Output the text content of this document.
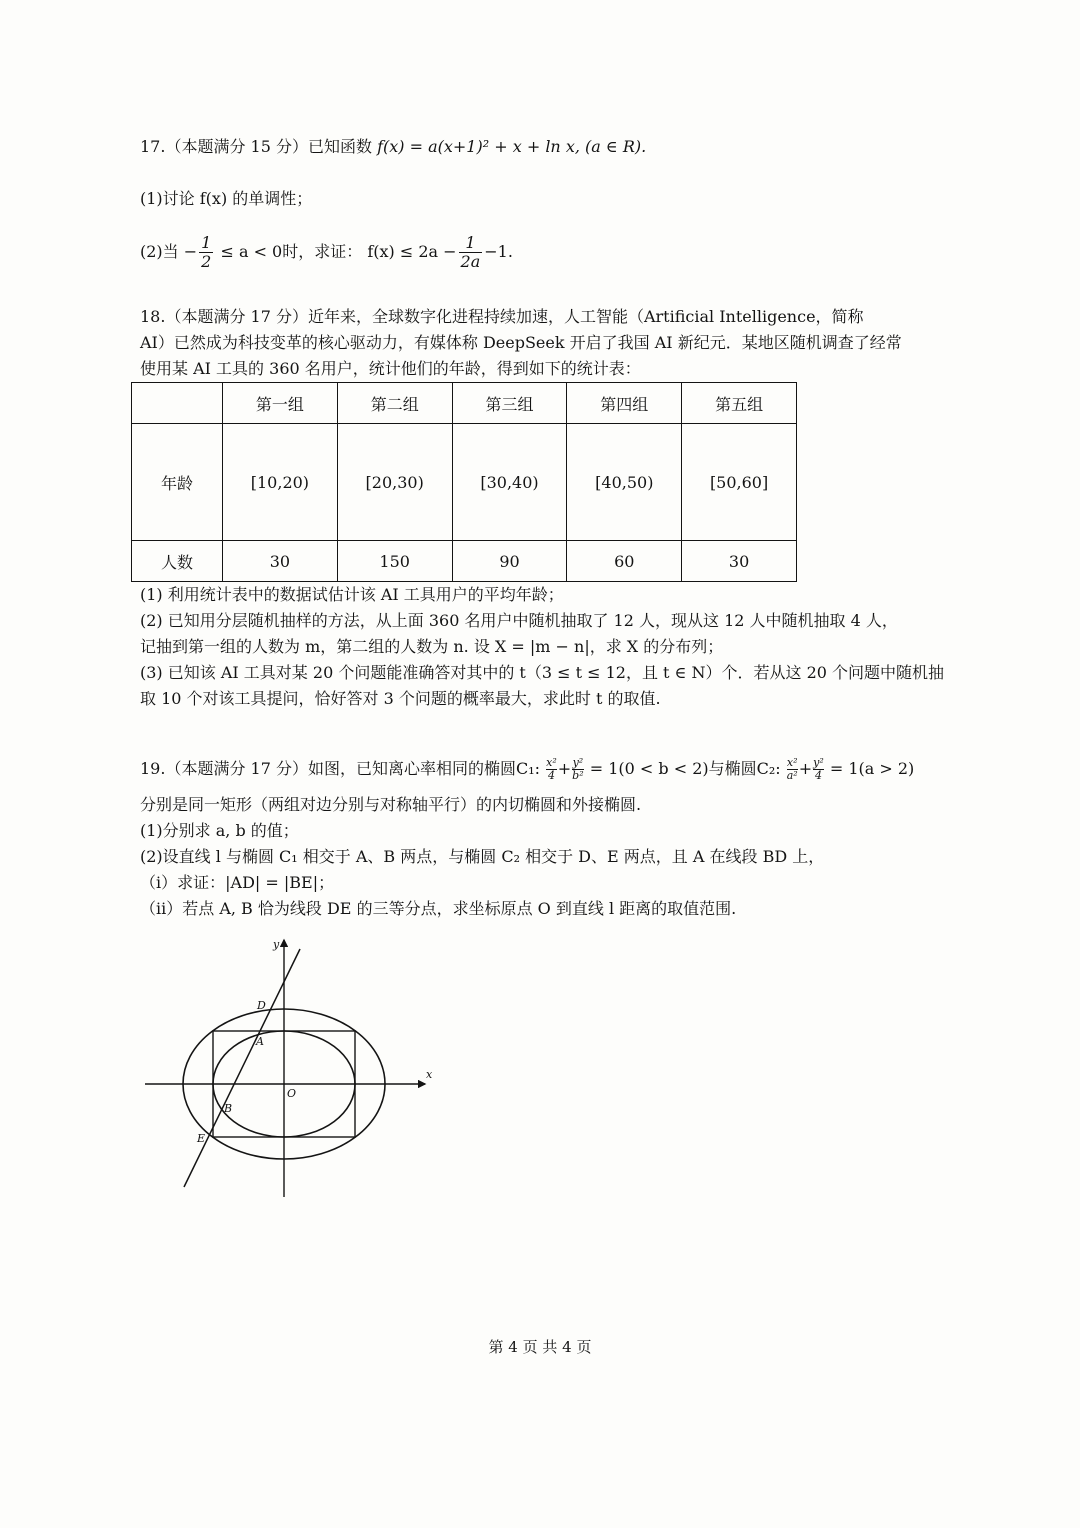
17.（本题满分 15 分）已知函数 f(x) = a(x+1)² + x + ln x, (a ∈ R).
(1)讨论 f(x) 的单调性；
(2)当 − $\frac{1}{2} \le a < 0$时，求证： $f(x) \le 2a - \frac{1}{2a} -1$.
18.（本题满分 17 分）近年来，全球数字化进程持续加速，人工智能（Artificial Intelligence，简称
AI）已然成为科技变革的核心驱动力，有媒体称 DeepSeek 开启了我国 AI 新纪元．某地区随机调查了经常
使用某 AI 工具的 360 名用户，统计他们的年龄，得到如下的统计表：
	第一组	第二组	第三组	第四组	第五组
年龄	[10,20)	[20,30)	[30,40)	[40,50)	[50,60]
人数	30	150	90	60	30
(1) 利用统计表中的数据试估计该 AI 工具用户的平均年龄；
(2) 已知用分层随机抽样的方法，从上面 360 名用户中随机抽取了 12 人，现从这 12 人中随机抽取 4 人，
记抽到第一组的人数为 m，第二组的人数为 n. 设 X = |m − n|，求 X 的分布列；
(3) 已知该 AI 工具对某 20 个问题能准确答对其中的 t（3 ≤ t ≤ 12，且 t ∈ N）个．若从这 20 个问题中随机抽
取 10 个对该工具提问，恰好答对 3 个问题的概率最大，求此时 t 的取值.
19.（本题满分 17 分）如图，已知离心率相同的椭圆C₁: $\frac{\text{x²}}{4} + \frac{\text{y²}}{\text{b²}} = 1(0 < b < 2)$与椭圆C₂: $\frac{\text{x²}}{\text{a²}} + \frac{\text{y²}}{4} = 1(a > 2)$
分别是同一矩形（两组对边分别与对称轴平行）的内切椭圆和外接椭圆.
(1)分别求 a, b 的值；
(2)设直线 l 与椭圆 C₁ 相交于 A、B 两点，与椭圆 C₂ 相交于 D、E 两点，且 A 在线段 BD 上，
（i）求证：|AD| = |BE|；
（ii）若点 A, B 恰为线段 DE 的三等分点，求坐标原点 O 到直线 l 距离的取值范围.
y
x
O
A
B
D
E
第 4 页 共 4 页
